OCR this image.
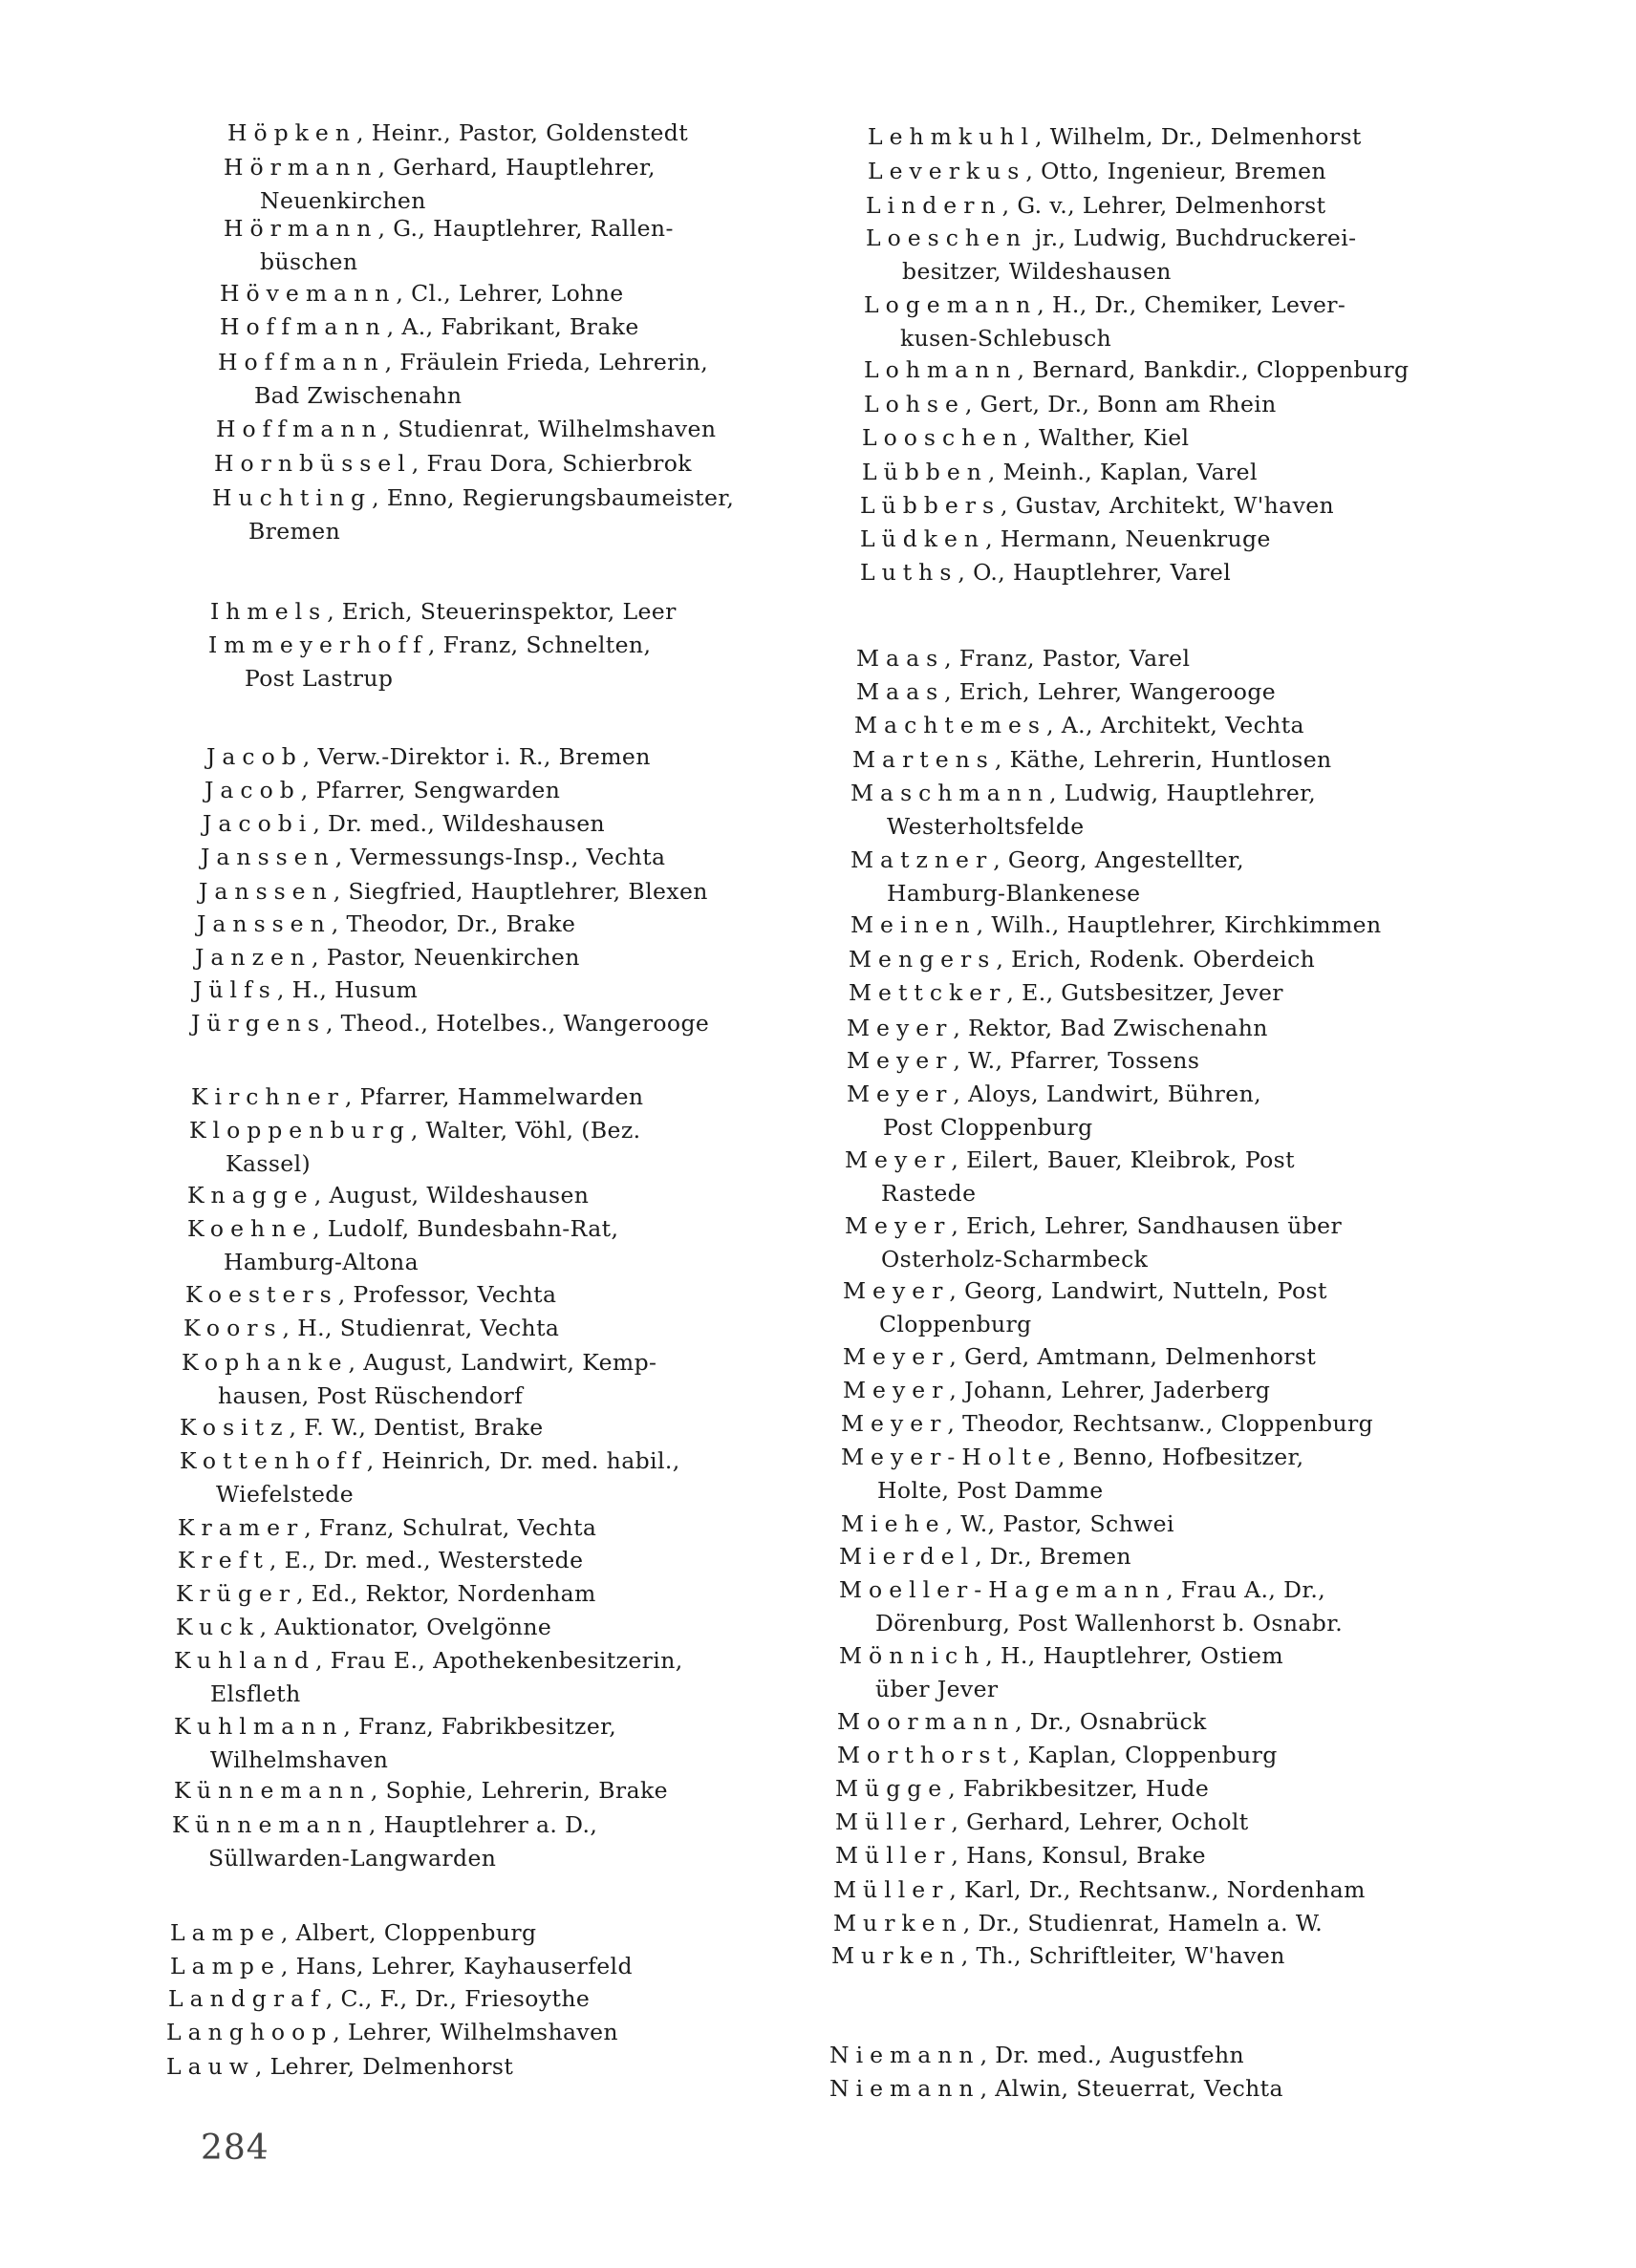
Höpken, Heinr., Pastor, Goldenstedt
Hörmann, Gerhard, Hauptlehrer,
Neuenkirchen
Hörmann, G., Hauptlehrer, Rallen-
büschen
Hövemann, Cl., Lehrer, Lohne
Hoffmann, A., Fabrikant, Brake
Hoffmann, Fräulein Frieda, Lehrerin,
Bad Zwischenahn
Hoffmann, Studienrat, Wilhelmshaven
Hornbüssel, Frau Dora, Schierbrok
Huchting, Enno, Regierungsbaumeister,
Bremen
Ihmels, Erich, Steuerinspektor, Leer
Immeyerhoff, Franz, Schnelten,
Post Lastrup
Jacob, Verw.-Direktor i. R., Bremen
Jacob, Pfarrer, Sengwarden
Jacobi, Dr. med., Wildeshausen
Janssen, Vermessungs-Insp., Vechta
Janssen, Siegfried, Hauptlehrer, Blexen
Janssen, Theodor, Dr., Brake
Janzen, Pastor, Neuenkirchen
Jülfs, H., Husum
Jürgens, Theod., Hotelbes., Wangerooge
Kirchner, Pfarrer, Hammelwarden
Kloppenburg, Walter, Vöhl, (Bez.
Kassel)
Knagge, August, Wildeshausen
Koehne, Ludolf, Bundesbahn-Rat,
Hamburg-Altona
Koesters, Professor, Vechta
Koors, H., Studienrat, Vechta
Kophanke, August, Landwirt, Kemp-
hausen, Post Rüschendorf
Kositz, F. W., Dentist, Brake
Kottenhoff, Heinrich, Dr. med. habil.,
Wiefelstede
Kramer, Franz, Schulrat, Vechta
Kreft, E., Dr. med., Westerstede
Krüger, Ed., Rektor, Nordenham
Kuck, Auktionator, Ovelgönne
Kuhland, Frau E., Apothekenbesitzerin,
Elsfleth
Kuhlmann, Franz, Fabrikbesitzer,
Wilhelmshaven
Künnemann, Sophie, Lehrerin, Brake
Künnemann, Hauptlehrer a. D.,
Süllwarden-Langwarden
Lampe, Albert, Cloppenburg
Lampe, Hans, Lehrer, Kayhauserfeld
Landgraf, C., F., Dr., Friesoythe
Langhoop, Lehrer, Wilhelmshaven
Lauw, Lehrer, Delmenhorst
Lehmkuhl, Wilhelm, Dr., Delmenhorst
Leverkus, Otto, Ingenieur, Bremen
Lindern, G. v., Lehrer, Delmenhorst
Loeschen jr., Ludwig, Buchdruckerei-
besitzer, Wildeshausen
Logemann, H., Dr., Chemiker, Lever-
kusen-Schlebusch
Lohmann, Bernard, Bankdir., Cloppenburg
Lohse, Gert, Dr., Bonn am Rhein
Looschen, Walther, Kiel
Lübben, Meinh., Kaplan, Varel
Lübbers, Gustav, Architekt, W'haven
Lüdken, Hermann, Neuenkruge
Luths, O., Hauptlehrer, Varel
Maas, Franz, Pastor, Varel
Maas, Erich, Lehrer, Wangerooge
Machtemes, A., Architekt, Vechta
Martens, Käthe, Lehrerin, Huntlosen
Maschmann, Ludwig, Hauptlehrer,
Westerholtsfelde
Matzner, Georg, Angestellter,
Hamburg-Blankenese
Meinen, Wilh., Hauptlehrer, Kirchkimmen
Mengers, Erich, Rodenk. Oberdeich
Mettcker, E., Gutsbesitzer, Jever
Meyer, Rektor, Bad Zwischenahn
Meyer, W., Pfarrer, Tossens
Meyer, Aloys, Landwirt, Bühren,
Post Cloppenburg
Meyer, Eilert, Bauer, Kleibrok, Post
Rastede
Meyer, Erich, Lehrer, Sandhausen über
Osterholz-Scharmbeck
Meyer, Georg, Landwirt, Nutteln, Post
Cloppenburg
Meyer, Gerd, Amtmann, Delmenhorst
Meyer, Johann, Lehrer, Jaderberg
Meyer, Theodor, Rechtsanw., Cloppenburg
Meyer-Holte, Benno, Hofbesitzer,
Holte, Post Damme
Miehe, W., Pastor, Schwei
Mierdel, Dr., Bremen
Moeller-Hagemann, Frau A., Dr.,
Dörenburg, Post Wallenhorst b. Osnabr.
Mönnich, H., Hauptlehrer, Ostiem
über Jever
Moormann, Dr., Osnabrück
Morthorst, Kaplan, Cloppenburg
Mügge, Fabrikbesitzer, Hude
Müller, Gerhard, Lehrer, Ocholt
Müller, Hans, Konsul, Brake
Müller, Karl, Dr., Rechtsanw., Nordenham
Murken, Dr., Studienrat, Hameln a. W.
Murken, Th., Schriftleiter, W'haven
Niemann, Dr. med., Augustfehn
Niemann, Alwin, Steuerrat, Vechta
284
